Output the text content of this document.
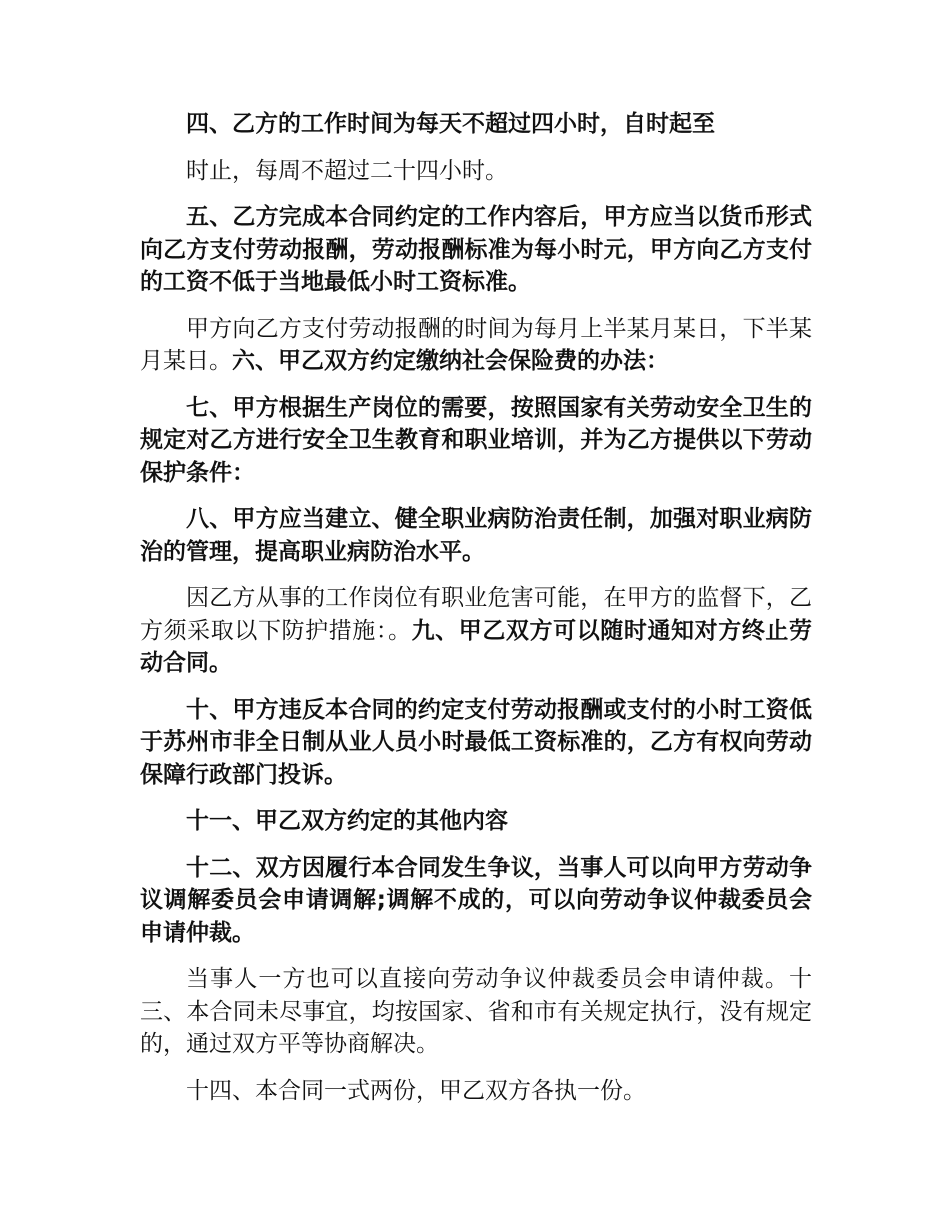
四、乙方的工作时间为每天不超过四小时，自时起至

时止，每周不超过二十四小时。

五、乙方完成本合同约定的工作内容后，甲方应当以货币形式向乙方支付劳动报酬，劳动报酬标准为每小时元，甲方向乙方支付的工资不低于当地最低小时工资标准。

甲方向乙方支付劳动报酬的时间为每月上半某月某日，下半某月某日。六、甲乙双方约定缴纳社会保险费的办法：

七、甲方根据生产岗位的需要，按照国家有关劳动安全卫生的规定对乙方进行安全卫生教育和职业培训，并为乙方提供以下劳动保护条件：

八、甲方应当建立、健全职业病防治责任制，加强对职业病防治的管理，提高职业病防治水平。

因乙方从事的工作岗位有职业危害可能，在甲方的监督下，乙方须采取以下防护措施：。九、甲乙双方可以随时通知对方终止劳动合同。

十、甲方违反本合同的约定支付劳动报酬或支付的小时工资低于苏州市非全日制从业人员小时最低工资标准的，乙方有权向劳动保障行政部门投诉。

十一、甲乙双方约定的其他内容

十二、双方因履行本合同发生争议，当事人可以向甲方劳动争议调解委员会申请调解;调解不成的，可以向劳动争议仲裁委员会申请仲裁。

当事人一方也可以直接向劳动争议仲裁委员会申请仲裁。十三、本合同未尽事宜，均按国家、省和市有关规定执行，没有规定的，通过双方平等协商解决。

十四、本合同一式两份，甲乙双方各执一份。
